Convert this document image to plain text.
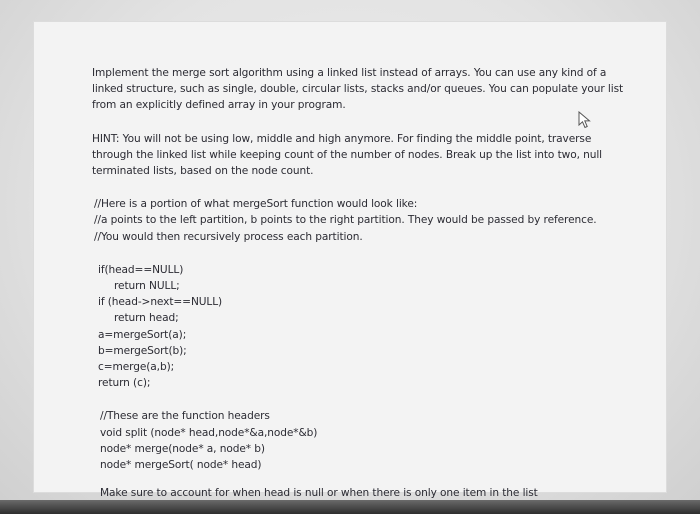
Implement the merge sort algorithm using a linked list instead of arrays. You can use any kind of a linked structure, such as single, double, circular lists, stacks and/or queues. You can populate your list from an explicitly defined array in your program.

HINT: You will not be using low, middle and high anymore. For finding the middle point, traverse through the linked list while keeping count of the number of nodes. Break up the list into two, null terminated lists, based on the node count.

//Here is a portion of what mergeSort function would look like:

//a points to the left partition, b points to the right partition. They would be passed by reference.

//You would then recursively process each partition.

if(head==NULL)

return NULL;

if (head->next==NULL)

return head;

a=mergeSort(a);

b=mergeSort(b);

c=merge(a,b);

return (c);

//These are the function headers

void split (node* head,node*&a,node*&b)

node* merge(node* a, node* b)

node* mergeSort( node* head)

Make sure to account for when head is null or when there is only one item in the list
